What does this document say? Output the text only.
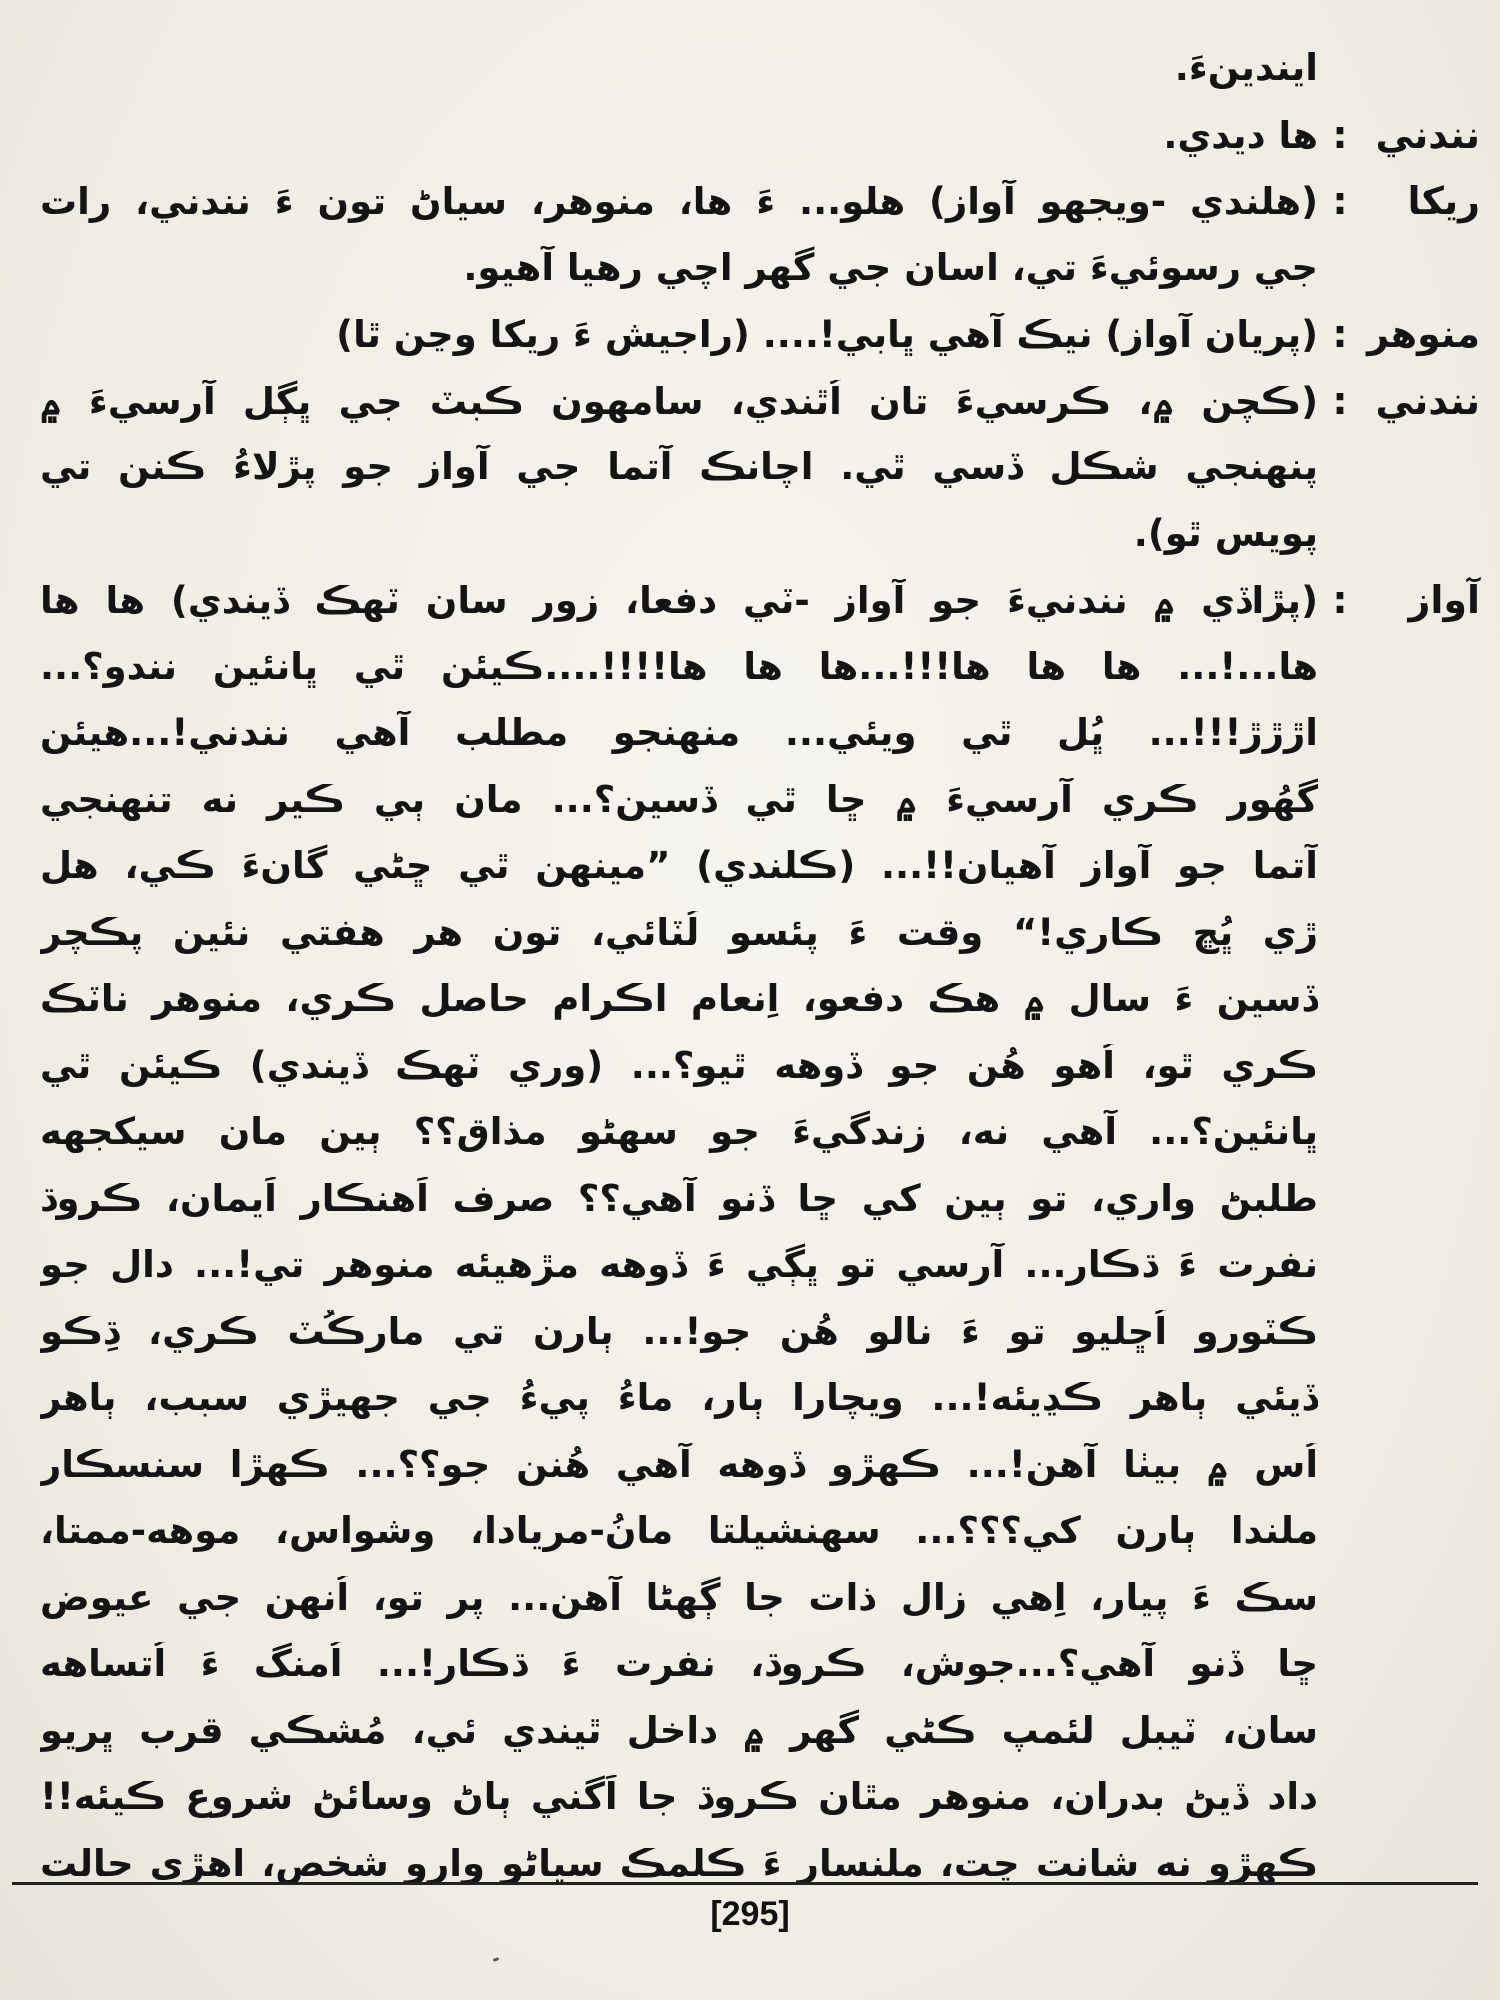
ايندينءَ.
نندني
:
ها ديدي.
ريکا
:
(هلندي -ويجهو آواز) هلو... ءَ ها، منوهر، سياڻ تون ءَ نندني، رات
جي رسوئيءَ تي، اسان جي گهر اچي رهيا آهيو.
منوهر
:
(پريان آواز) نيڪ آهي ڀابي!.... (راجيش ءَ ريکا وڃن ٿا)
نندني
:
(ڪچن ۾، ڪرسيءَ تان اُٿندي، سامهون ڪبٽ جي ڀڳل آرسيءَ ۾
پنهنجي شڪل ڏسي ٿي. اچانڪ آتما جي آواز جو پڙلاءُ ڪنن تي
پويس ٿو).
آواز
:
(پڙاڏي ۾ نندنيءَ جو آواز -ٽي دفعا، زور سان ٽهڪ ڏيندي) ها ها
ها...!... ها ها ها!!!...ها ها ها!!!!....ڪيئن ٿي ڀانئين نندو؟...
اڙڙڙ!!!... ڀُل ٿي ويئي... منهنجو مطلب آهي نندني!...هيئن
گهُور ڪري آرسيءَ ۾ ڇا ٿي ڏسين؟... مان ٻي ڪير نه تنهنجي
آتما جو آواز آهيان!!... (ڪلندي) ”مينهن ٿي ڇڻي گانءَ ڪي، هل
ڙي ڀُڇ ڪاري!“ وقت ءَ پئسو لُٽائي، تون هر هفتي نئين پڪچر
ڏسين ءَ سال ۾ هڪ دفعو، اِنعام اڪرام حاصل ڪري، منوهر ناٽڪ
ڪري ٿو، اُهو هُن جو ڏوهه ٿيو؟... (وري ٽهڪ ڏيندي) ڪيئن ٿي
ڀانئين؟... آهي نه، زندگيءَ جو سهڻو مذاق؟؟ ٻين مان سيکجهه
طلبڻ واري، تو ٻين کي ڇا ڏنو آهي؟؟ صرف اَهنڪار اَيمان، ڪروڌ
نفرت ءَ ڌڪار... آرسي تو ڀڳي ءَ ڏوهه مڙهيئه منوهر تي!... دال جو
ڪٽورو اُڇليو تو ءَ نالو هُن جو!... ٻارن تي مارڪُٽ ڪري، ڌِڪو
ڏيئي ٻاهر ڪڍيئه!... ويچارا ٻار، ماءُ پيءُ جي جهيڙي سبب، ٻاهر
اُس ۾ بيٺا آهن!... ڪهڙو ڏوهه آهي هُنن جو؟؟... ڪهڙا سنسڪار
ملندا ٻارن کي؟؟؟... سهنشيلتا مانُ-مريادا، وشواس، موهه-ممتا،
سڪ ءَ پيار، اِهي زال ذات جا ڳهڻا آهن... پر تو، اُنهن جي عيوض
ڇا ڏنو آهي؟...جوش، ڪروڌ، نفرت ءَ ڌڪار!... اُمنگ ءَ اُتساهه
سان، ٽيبل لئمپ ڪڻي گهر ۾ داخل ٿيندي ئي، مُشڪي قرب ڀريو
داد ڏيڻ بدران، منوهر مٿان ڪروڌ جا اَگني ٻاڻ وسائڻ شروع ڪيئه!!
ڪهڙو نه شانت چت، ملنسار ءَ ڪلمڪ سياڻو وارو شخص، اهڙي حالت
[295]
